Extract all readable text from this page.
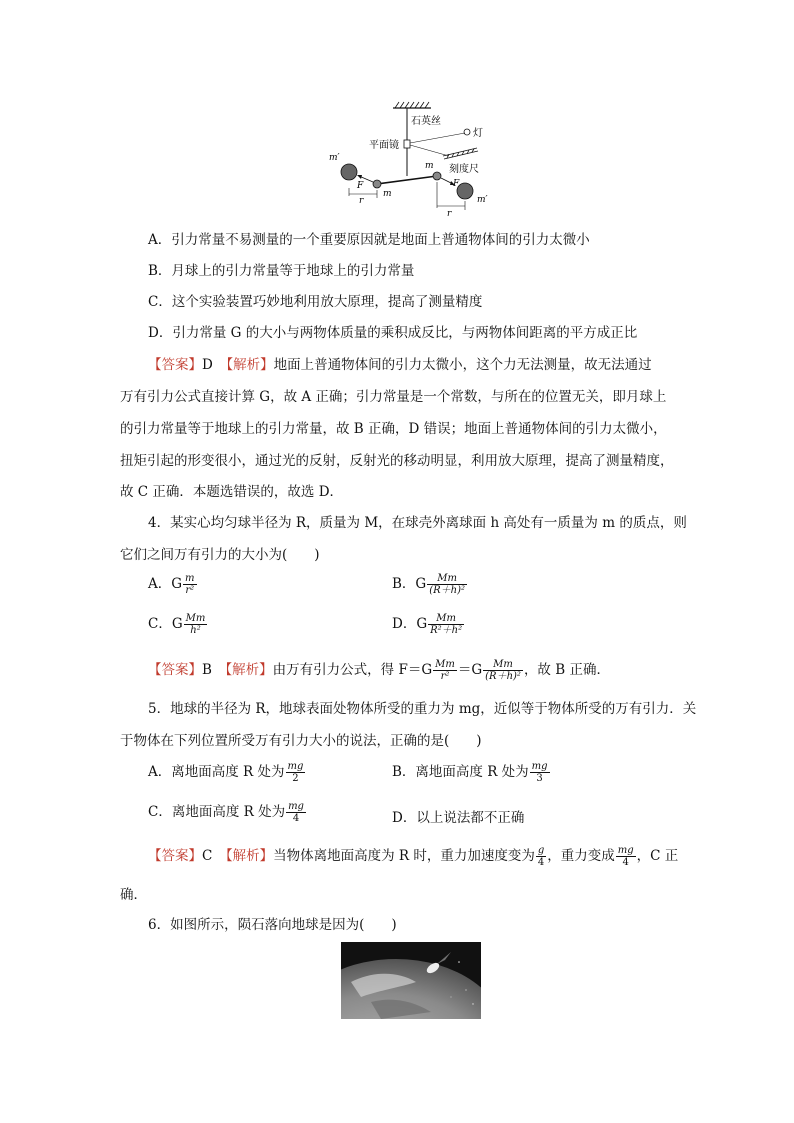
石英丝
平面镜
灯
刻度尺
m
m
m′
m′
F	F
r
r
A．引力常量不易测量的一个重要原因就是地面上普通物体间的引力太微小
B．月球上的引力常量等于地球上的引力常量
C．这个实验装置巧妙地利用放大原理，提高了测量精度
D．引力常量 G 的大小与两物体质量的乘积成反比，与两物体间距离的平方成正比
【答案】D　 【解析】地面上普通物体间的引力太微小，这个力无法测量，故无法通过
万有引力公式直接计算 G，故 A 正确；引力常量是一个常数，与所在的位置无关，即月球上
的引力常量等于地球上的引力常量，故 B 正确，D 错误；地面上普通物体间的引力太微小，
扭矩引起的形变很小，通过光的反射，反射光的移动明显，利用放大原理，提高了测量精度，
故 C 正确．本题选错误的，故选 D．
4．某实心均匀球半径为 R，质量为 M，在球壳外离球面 h 高处有一质量为 m 的质点，则
它们之间万有引力的大小为(　　)
A．G $\frac{m}{\text{r²}}$	B．G $\frac{Mm}{\text{(R＋h)²}}$
C．G $\frac{Mm}{\text{h²}}$	D．G $\frac{Mm}{\text{R²＋h²}}$
【答案】B　 【解析】由万有引力公式，得 $F=G \frac{Mm}{\text{r²}} =G \frac{Mm}{\text{(R＋h)²}}$ ，故 B 正确．
5．地球的半径为 R，地球表面处物体所受的重力为 mg，近似等于物体所受的万有引力．关
于物体在下列位置所受万有引力大小的说法，正确的是(　　)
A．离地面高度 R 处为 $\frac{mg}{2}$	B．离地面高度 R 处为 $\frac{mg}{3}$
C．离地面高度 R 处为 $\frac{mg}{4}$	D．以上说法都不正确
【答案】C　 【解析】当物体离地面高度为 R 时，重力加速度变为 $\frac{g}{4}$ ，重力变成 $\frac{mg}{4}$ ，C 正
确．
6．如图所示，陨石落向地球是因为(　　)
